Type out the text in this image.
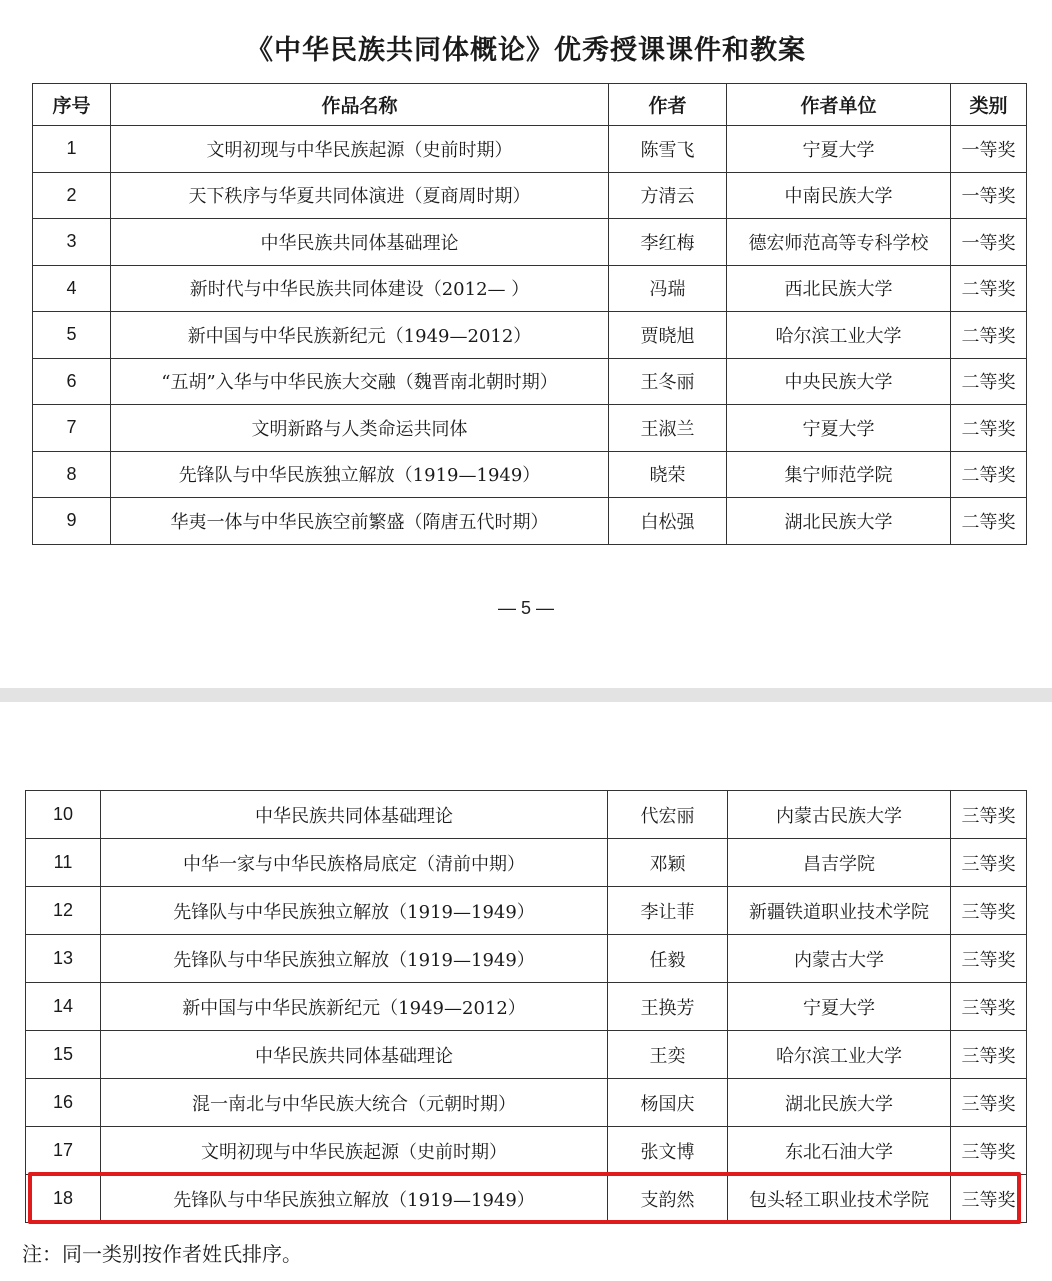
《中华民族共同体概论》优秀授课课件和教案
序号	作品名称	作者	作者单位	类别
1	文明初现与中华民族起源（史前时期）	陈雪飞	宁夏大学	一等奖
2	天下秩序与华夏共同体演进（夏商周时期）	方清云	中南民族大学	一等奖
3	中华民族共同体基础理论	李红梅	德宏师范高等专科学校	一等奖
4	新时代与中华民族共同体建设（2012— ）	冯瑞	西北民族大学	二等奖
5	新中国与中华民族新纪元（1949—2012）	贾晓旭	哈尔滨工业大学	二等奖
6	“五胡”入华与中华民族大交融（魏晋南北朝时期）	王冬丽	中央民族大学	二等奖
7	文明新路与人类命运共同体	王淑兰	宁夏大学	二等奖
8	先锋队与中华民族独立解放（1919—1949）	晓荣	集宁师范学院	二等奖
9	华夷一体与中华民族空前繁盛（隋唐五代时期）	白松强	湖北民族大学	二等奖
— 5 —
10	中华民族共同体基础理论	代宏丽	内蒙古民族大学	三等奖
11	中华一家与中华民族格局底定（清前中期）	邓颖	昌吉学院	三等奖
12	先锋队与中华民族独立解放（1919—1949）	李让菲	新疆铁道职业技术学院	三等奖
13	先锋队与中华民族独立解放（1919—1949）	任毅	内蒙古大学	三等奖
14	新中国与中华民族新纪元（1949—2012）	王换芳	宁夏大学	三等奖
15	中华民族共同体基础理论	王奕	哈尔滨工业大学	三等奖
16	混一南北与中华民族大统合（元朝时期）	杨国庆	湖北民族大学	三等奖
17	文明初现与中华民族起源（史前时期）	张文博	东北石油大学	三等奖
18	先锋队与中华民族独立解放（1919—1949）	支韵然	包头轻工职业技术学院	三等奖
注：同一类别按作者姓氏排序。
